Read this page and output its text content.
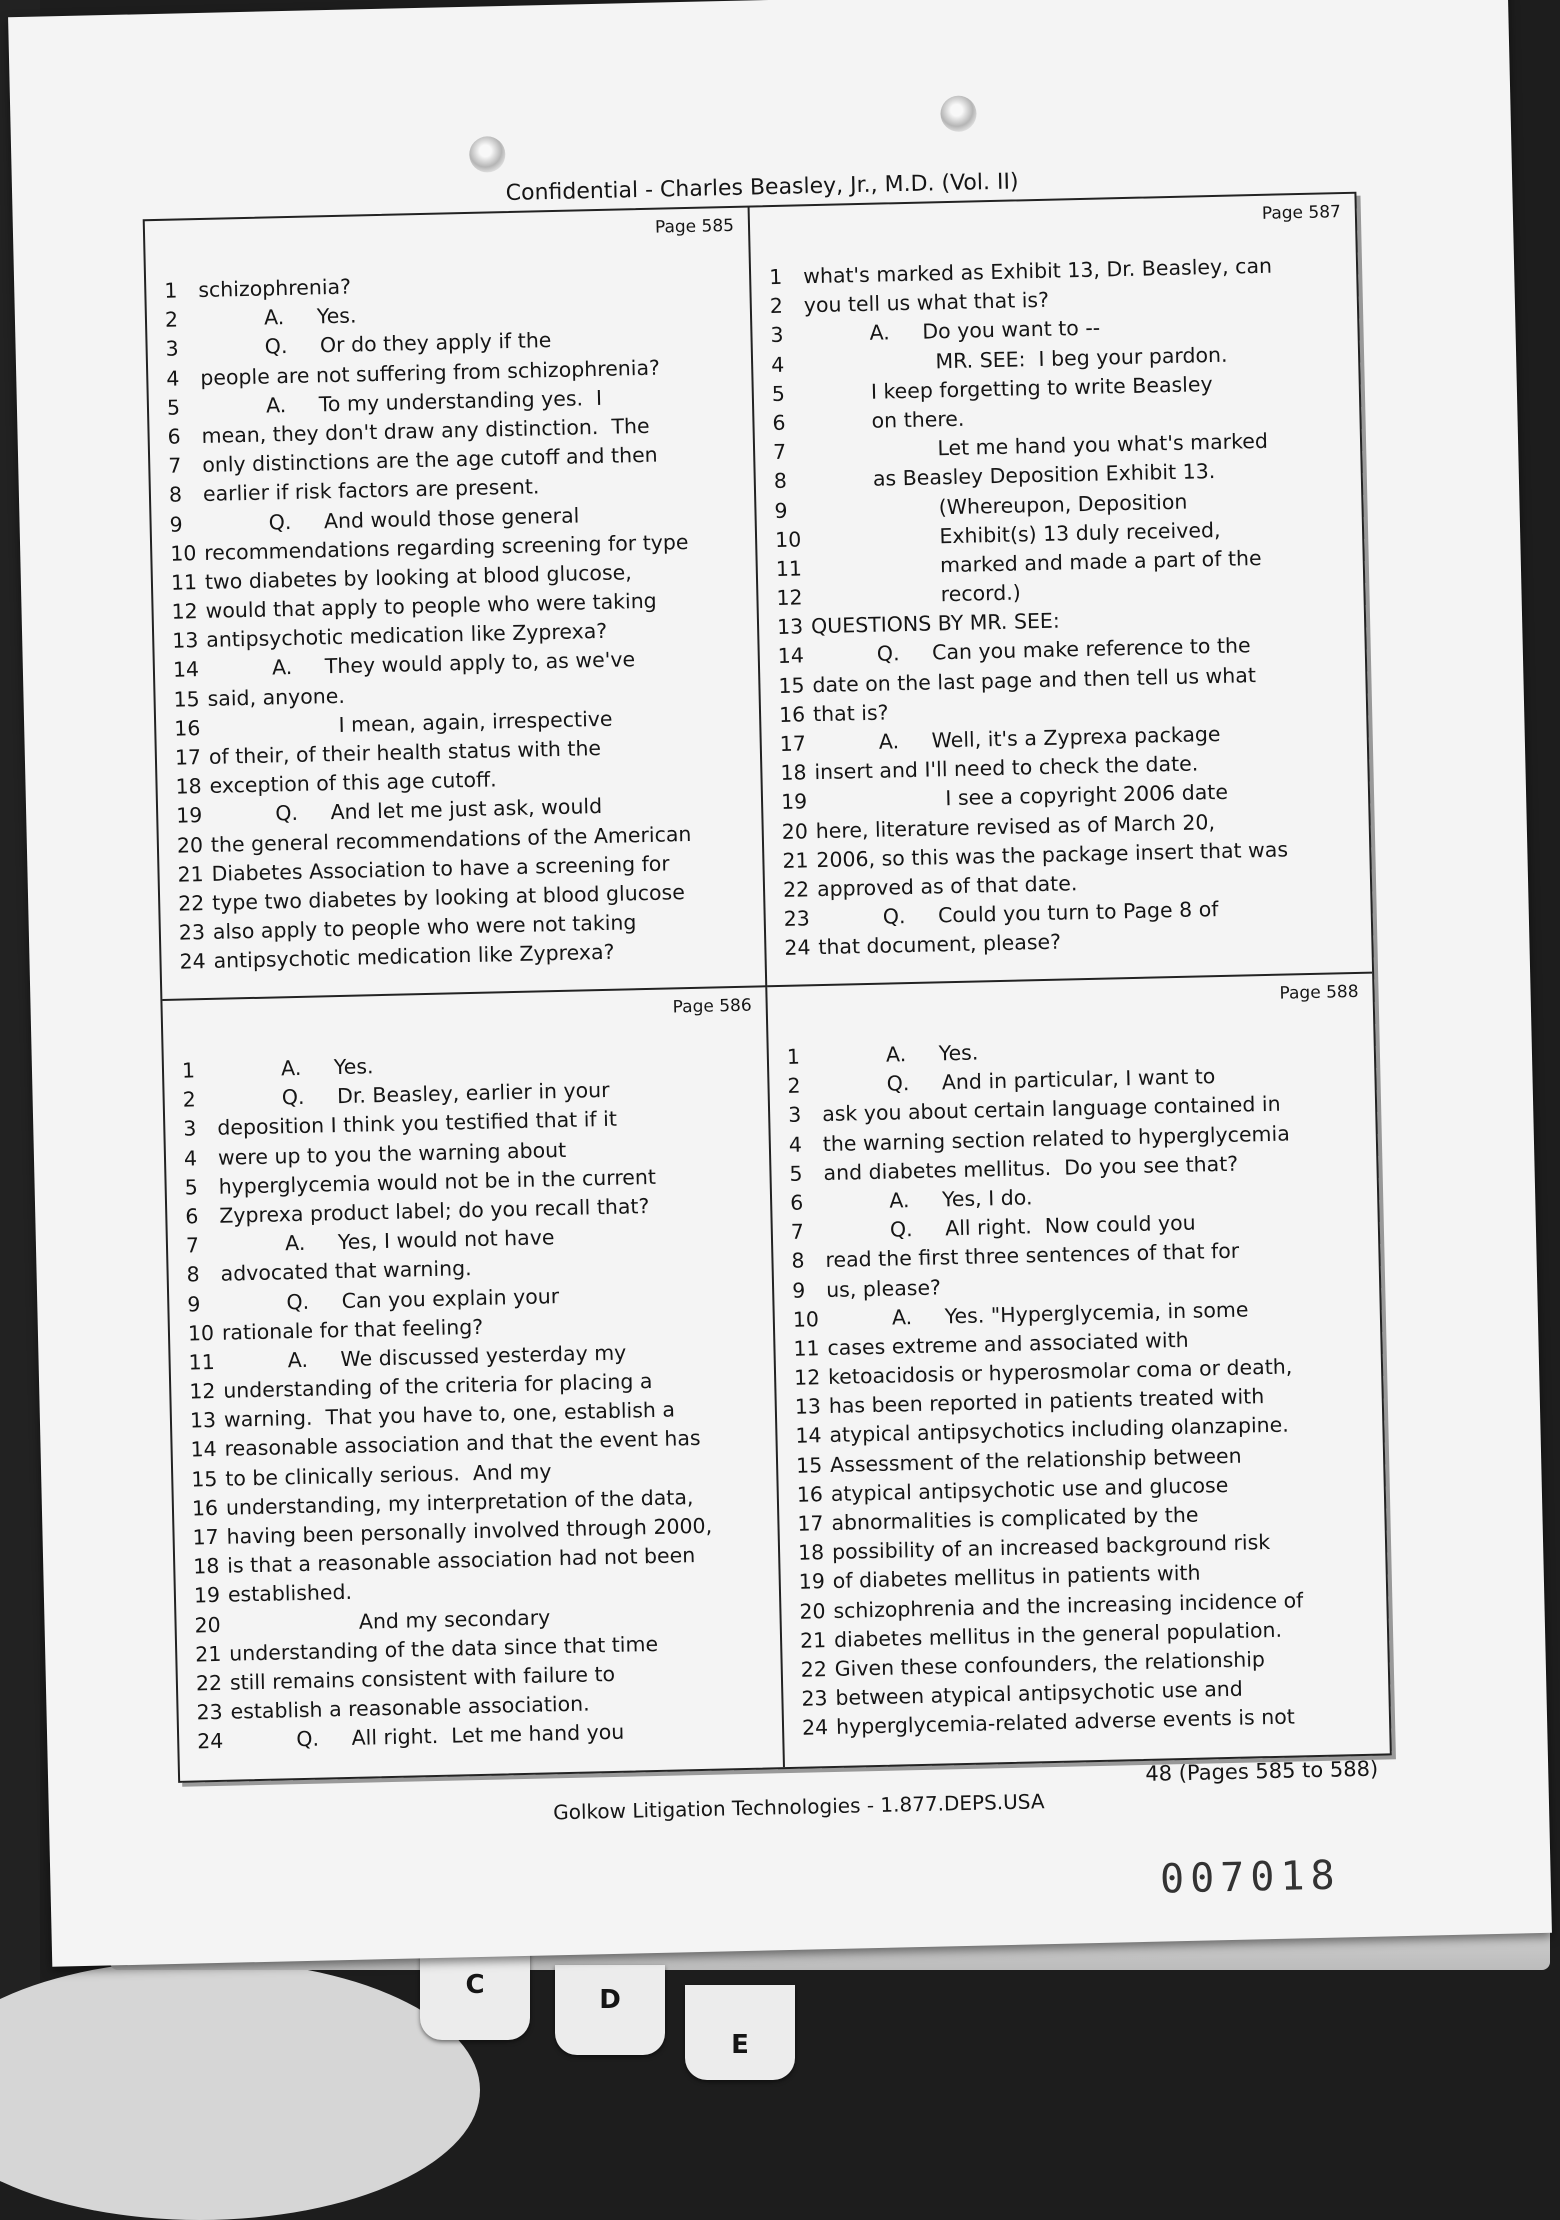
C	D
E
Confidential - Charles Beasley, Jr., M.D. (Vol. II)
Page 585
1 schizophrenia?
2 A.     Yes.
3 Q.     Or do they apply if the
4 people are not suffering from schizophrenia?
5 A.     To my understanding yes.  I
6 mean, they don't draw any distinction.  The
7 only distinctions are the age cutoff and then
8 earlier if risk factors are present.
9 Q.     And would those general
10 recommendations regarding screening for type
11 two diabetes by looking at blood glucose,
12 would that apply to people who were taking
13 antipsychotic medication like Zyprexa?
14 A.     They would apply to, as we've
15 said, anyone.
16 I mean, again, irrespective
17 of their, of their health status with the
18 exception of this age cutoff.
19 Q.     And let me just ask, would
20 the general recommendations of the American
21 Diabetes Association to have a screening for
22 type two diabetes by looking at blood glucose
23 also apply to people who were not taking
24 antipsychotic medication like Zyprexa?
Page 587
1 what's marked as Exhibit 13, Dr. Beasley, can
2 you tell us what that is?
3 A.     Do you want to --
4 MR. SEE:  I beg your pardon.
5 I keep forgetting to write Beasley
6 on there.
7 Let me hand you what's marked
8 as Beasley Deposition Exhibit 13.
9 (Whereupon, Deposition
10 Exhibit(s) 13 duly received,
11 marked and made a part of the
12 record.)
13 QUESTIONS BY MR. SEE:
14 Q.     Can you make reference to the
15 date on the last page and then tell us what
16 that is?
17 A.     Well, it's a Zyprexa package
18 insert and I'll need to check the date.
19 I see a copyright 2006 date
20 here, literature revised as of March 20,
21 2006, so this was the package insert that was
22 approved as of that date.
23 Q.     Could you turn to Page 8 of
24 that document, please?
Page 586
1 A.     Yes.
2 Q.     Dr. Beasley, earlier in your
3 deposition I think you testified that if it
4 were up to you the warning about
5 hyperglycemia would not be in the current
6 Zyprexa product label; do you recall that?
7 A.     Yes, I would not have
8 advocated that warning.
9 Q.     Can you explain your
10 rationale for that feeling?
11 A.     We discussed yesterday my
12 understanding of the criteria for placing a
13 warning.  That you have to, one, establish a
14 reasonable association and that the event has
15 to be clinically serious.  And my
16 understanding, my interpretation of the data,
17 having been personally involved through 2000,
18 is that a reasonable association had not been
19 established.
20 And my secondary
21 understanding of the data since that time
22 still remains consistent with failure to
23 establish a reasonable association.
24 Q.     All right.  Let me hand you
Page 588
1 A.     Yes.
2 Q.     And in particular, I want to
3 ask you about certain language contained in
4 the warning section related to hyperglycemia
5 and diabetes mellitus.  Do you see that?
6 A.     Yes, I do.
7 Q.     All right.  Now could you
8 read the first three sentences of that for
9 us, please?
10 A.     Yes. "Hyperglycemia, in some
11 cases extreme and associated with
12 ketoacidosis or hyperosmolar coma or death,
13 has been reported in patients treated with
14 atypical antipsychotics including olanzapine.
15 Assessment of the relationship between
16 atypical antipsychotic use and glucose
17 abnormalities is complicated by the
18 possibility of an increased background risk
19 of diabetes mellitus in patients with
20 schizophrenia and the increasing incidence of
21 diabetes mellitus in the general population.
22 Given these confounders, the relationship
23 between atypical antipsychotic use and
24 hyperglycemia-related adverse events is not
48 (Pages 585 to 588)
Golkow Litigation Technologies - 1.877.DEPS.USA
007018
